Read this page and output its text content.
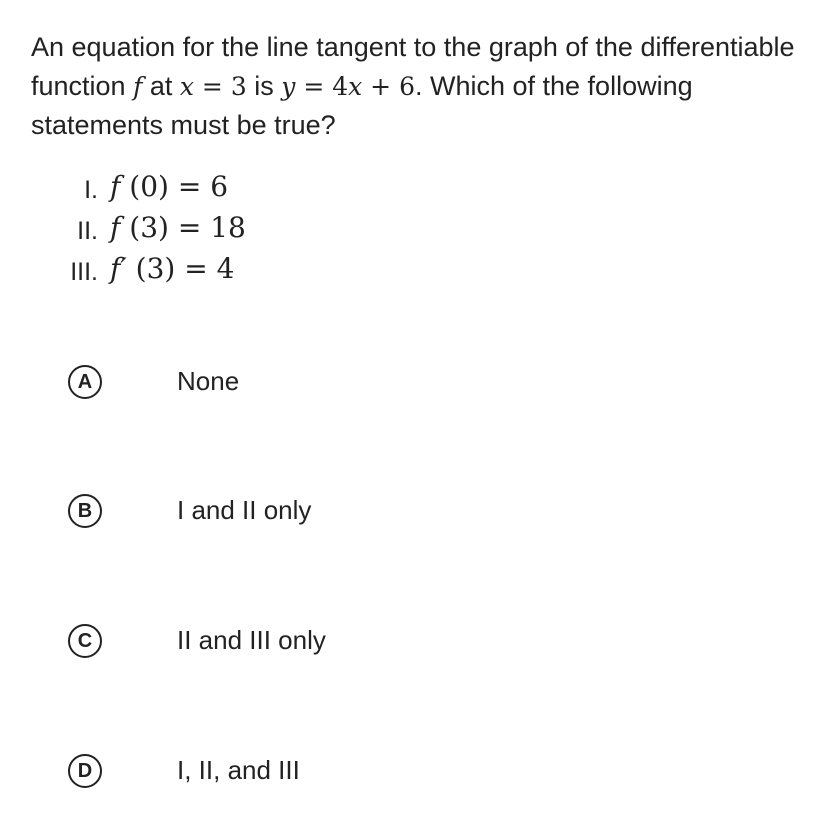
An equation for the line tangent to the graph of the differentiable function f at x = 3 is y = 4x + 6. Which of the following statements must be true?

I. f (0) = 6
II. f (3) = 18
III. f′ (3) = 4
A	None
B	I and II only
C	II and III only
D	I, II, and III
